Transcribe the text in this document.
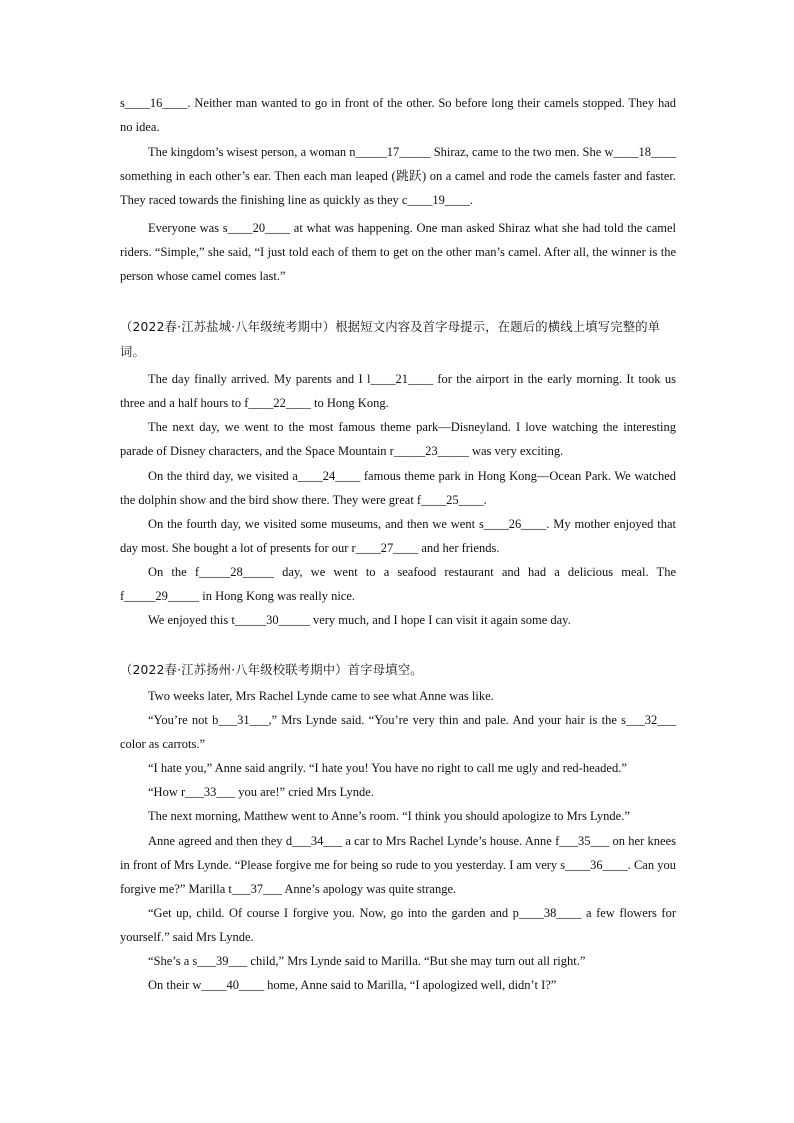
s____16____. Neither man wanted to go in front of the other. So before long their camels stopped. They had no idea.

The kingdom’s wisest person, a woman n_____17_____ Shiraz, came to the two men. She w____18____ something in each other’s ear. Then each man leaped (跳跃) on a camel and rode the camels faster and faster. They raced towards the finishing line as quickly as they c____19____.

Everyone was s____20____ at what was happening. One man asked Shiraz what she had told the camel riders. “Simple,” she said, “I just told each of them to get on the other man’s camel. After all, the winner is the person whose camel comes last.”

（2022春·江苏盐城·八年级统考期中）根据短文内容及首字母提示，在题后的横线上填写完整的单词。

The day finally arrived. My parents and I l____21____ for the airport in the early morning. It took us three and a half hours to f____22____ to Hong Kong.

The next day, we went to the most famous theme park—Disneyland. I love watching the interesting parade of Disney characters, and the Space Mountain r_____23_____ was very exciting.

On the third day, we visited a____24____ famous theme park in Hong Kong—Ocean Park. We watched the dolphin show and the bird show there. They were great f____25____.

On the fourth day, we visited some museums, and then we went s____26____. My mother enjoyed that day most. She bought a lot of presents for our r____27____ and her friends.

On the f_____28_____ day, we went to a seafood restaurant and had a delicious meal. The f_____29_____ in Hong Kong was really nice.

We enjoyed this t_____30_____ very much, and I hope I can visit it again some day.

（2022春·江苏扬州·八年级校联考期中）首字母填空。

Two weeks later, Mrs Rachel Lynde came to see what Anne was like.

“You’re not b___31___,” Mrs Lynde said. “You’re very thin and pale. And your hair is the s___32___ color as carrots.”

“I hate you,” Anne said angrily. “I hate you! You have no right to call me ugly and red-headed.”

“How r___33___ you are!” cried Mrs Lynde.

The next morning, Matthew went to Anne’s room. “I think you should apologize to Mrs Lynde.”

Anne agreed and then they d___34___ a car to Mrs Rachel Lynde’s house. Anne f___35___ on her knees in front of Mrs Lynde. “Please forgive me for being so rude to you yesterday. I am very s____36____. Can you forgive me?” Marilla t___37___ Anne’s apology was quite strange.

“Get up, child. Of course I forgive you. Now, go into the garden and p____38____ a few flowers for yourself.” said Mrs Lynde.

“She’s a s___39___ child,” Mrs Lynde said to Marilla. “But she may turn out all right.”

On their w____40____ home, Anne said to Marilla, “I apologized well, didn’t I?”
